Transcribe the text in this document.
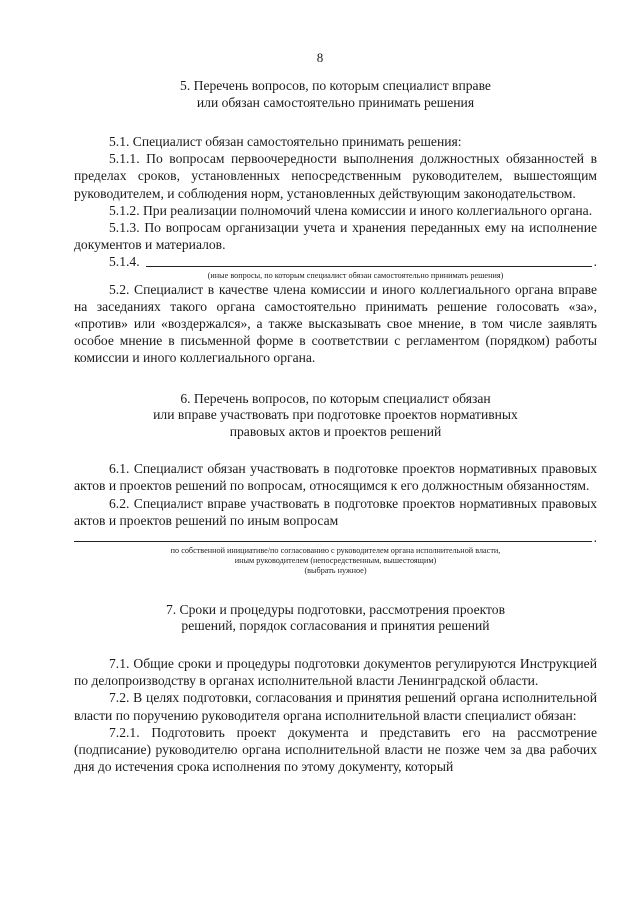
8
5. Перечень вопросов, по которым специалист вправе
или обязан самостоятельно принимать решения

5.1. Специалист обязан самостоятельно принимать решения:

5.1.1. По вопросам первоочередности выполнения должностных обязанностей в пределах сроков, установленных непосредственным руководителем, вышестоящим руководителем, и соблюдения норм, установленных действующим законодательством.

5.1.2. При реализации полномочий члена комиссии и иного коллегиального органа.

5.1.3. По вопросам организации учета и хранения переданных ему на исполнение документов и материалов.

5.1.4.	.
(иные вопросы, по которым специалист обязан самостоятельно принимать решения)

5.2. Специалист в качестве члена комиссии и иного коллегиального органа вправе на заседаниях такого органа самостоятельно принимать решение голосовать «за», «против» или «воздержался», а также высказывать свое мнение, в том числе заявлять особое мнение в письменной форме в соответствии с регламентом (порядком) работы комиссии и иного коллегиального органа.

6. Перечень вопросов, по которым специалист обязан
или вправе участвовать при подготовке проектов нормативных
правовых актов и проектов решений

6.1. Специалист обязан участвовать в подготовке проектов нормативных правовых актов и проектов решений по вопросам, относящимся к его должностным обязанностям.

6.2. Специалист вправе участвовать в подготовке проектов нормативных правовых актов и проектов решений по иным вопросам

.
по собственной инициативе/по согласованию с руководителем органа исполнительной власти,
иным руководителем (непосредственным, вышестоящим)
(выбрать нужное)
7. Сроки и процедуры подготовки, рассмотрения проектов
решений, порядок согласования и принятия решений

7.1. Общие сроки и процедуры подготовки документов регулируются Инструкцией по делопроизводству в органах исполнительной власти Ленинградской области.

7.2. В целях подготовки, согласования и принятия решений органа исполнительной власти по поручению руководителя органа исполнительной власти специалист обязан:

7.2.1. Подготовить проект документа и представить его на рассмотрение (подписание) руководителю органа исполнительной власти не позже чем за два рабочих дня до истечения срока исполнения по этому документу, который
